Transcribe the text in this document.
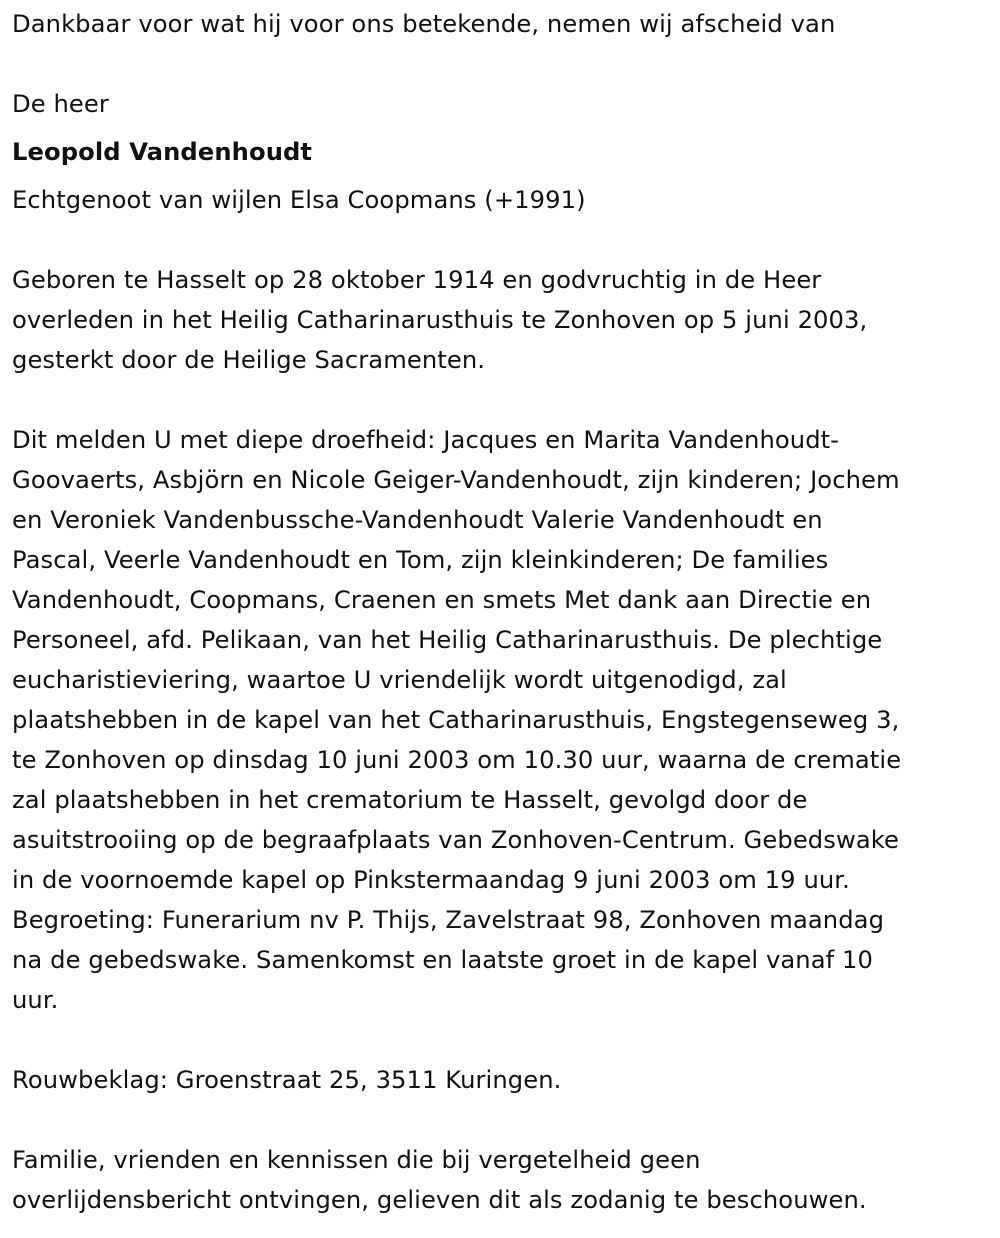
Dankbaar voor wat hij voor ons betekende, nemen wij afscheid van

De heer

Leopold Vandenhoudt

Echtgenoot van wijlen Elsa Coopmans (+1991)

Geboren te Hasselt op 28 oktober 1914 en godvruchtig in de Heer
overleden in het Heilig Catharinarusthuis te Zonhoven op 5 juni 2003,
gesterkt door de Heilige Sacramenten.

Dit melden U met diepe droefheid: Jacques en Marita Vandenhoudt-
Goovaerts, Asbjörn en Nicole Geiger-Vandenhoudt, zijn kinderen; Jochem
en Veroniek Vandenbussche-Vandenhoudt Valerie Vandenhoudt en
Pascal, Veerle Vandenhoudt en Tom, zijn kleinkinderen; De families
Vandenhoudt, Coopmans, Craenen en smets Met dank aan Directie en
Personeel, afd. Pelikaan, van het Heilig Catharinarusthuis. De plechtige
eucharistieviering, waartoe U vriendelijk wordt uitgenodigd, zal
plaatshebben in de kapel van het Catharinarusthuis, Engstegenseweg 3,
te Zonhoven op dinsdag 10 juni 2003 om 10.30 uur, waarna de crematie
zal plaatshebben in het crematorium te Hasselt, gevolgd door de
asuitstrooiing op de begraafplaats van Zonhoven-Centrum. Gebedswake
in de voornoemde kapel op Pinkstermaandag 9 juni 2003 om 19 uur.
Begroeting: Funerarium nv P. Thijs, Zavelstraat 98, Zonhoven maandag
na de gebedswake. Samenkomst en laatste groet in de kapel vanaf 10
uur.

Rouwbeklag: Groenstraat 25, 3511 Kuringen.

Familie, vrienden en kennissen die bij vergetelheid geen
overlijdensbericht ontvingen, gelieven dit als zodanig te beschouwen.
